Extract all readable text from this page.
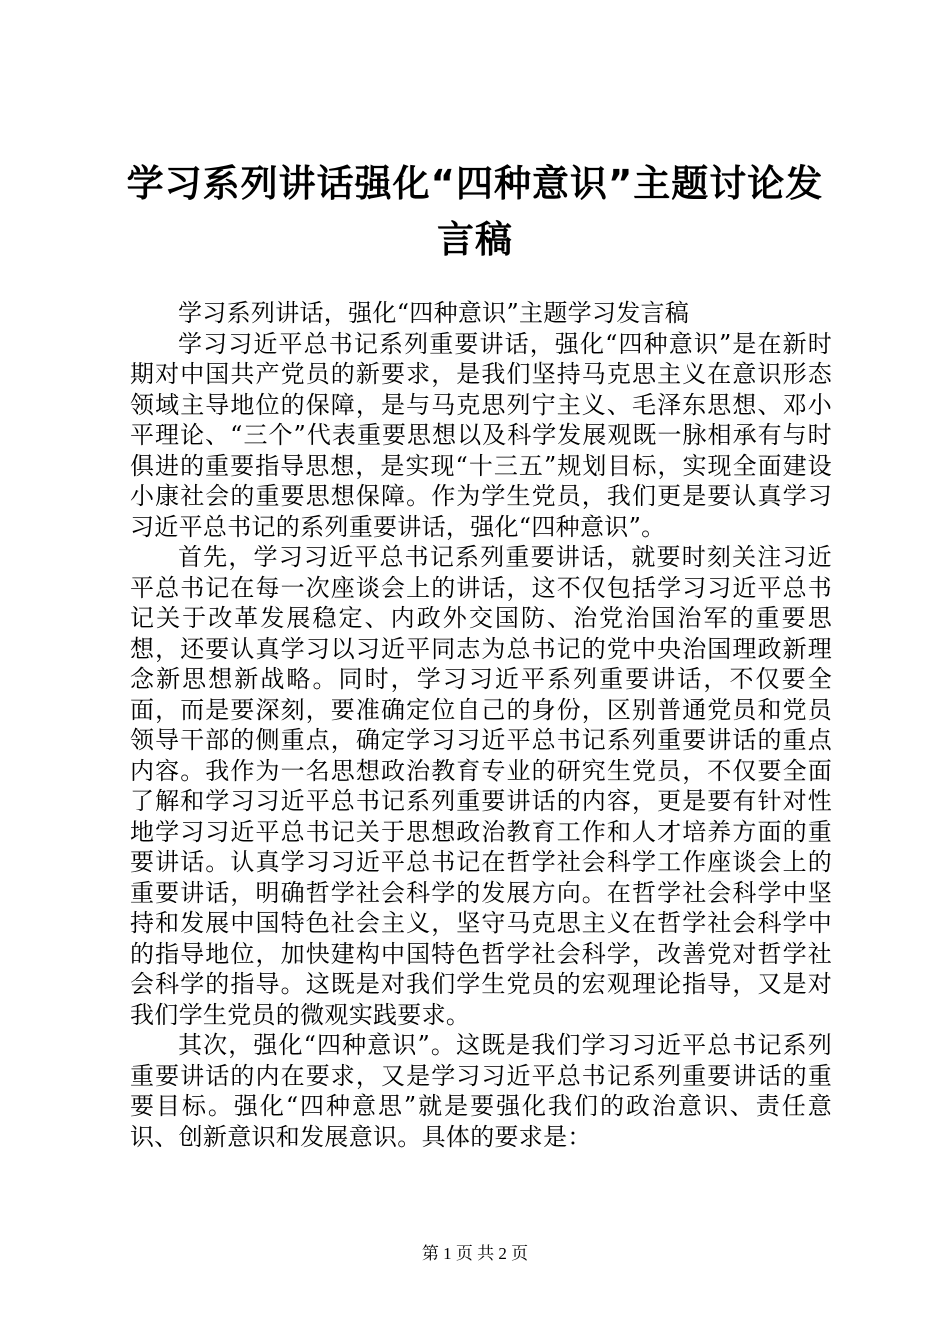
学习系列讲话强化“四种意识”主题讨论发言稿

学习系列讲话，强化“四种意识”主题学习发言稿

学习习近平总书记系列重要讲话，强化“四种意识”是在新时期对中国共产党员的新要求，是我们坚持马克思主义在意识形态领域主导地位的保障，是与马克思列宁主义、毛泽东思想、邓小平理论、“三个”代表重要思想以及科学发展观既一脉相承有与时俱进的重要指导思想，是实现“十三五”规划目标，实现全面建设小康社会的重要思想保障。作为学生党员，我们更是要认真学习习近平总书记的系列重要讲话，强化“四种意识”。

首先，学习习近平总书记系列重要讲话，就要时刻关注习近平总书记在每一次座谈会上的讲话，这不仅包括学习习近平总书记关于改革发展稳定、内政外交国防、治党治国治军的重要思想，还要认真学习以习近平同志为总书记的党中央治国理政新理念新思想新战略。同时，学习习近平系列重要讲话，不仅要全面，而是要深刻，要准确定位自己的身份，区别普通党员和党员领导干部的侧重点，确定学习习近平总书记系列重要讲话的重点内容。我作为一名思想政治教育专业的研究生党员，不仅要全面了解和学习习近平总书记系列重要讲话的内容，更是要有针对性地学习习近平总书记关于思想政治教育工作和人才培养方面的重要讲话。认真学习习近平总书记在哲学社会科学工作座谈会上的重要讲话，明确哲学社会科学的发展方向。在哲学社会科学中坚持和发展中国特色社会主义，坚守马克思主义在哲学社会科学中的指导地位，加快建构中国特色哲学社会科学，改善党对哲学社会科学的指导。这既是对我们学生党员的宏观理论指导，又是对我们学生党员的微观实践要求。

其次，强化“四种意识”。这既是我们学习习近平总书记系列重要讲话的内在要求，又是学习习近平总书记系列重要讲话的重要目标。强化“四种意思”就是要强化我们的政治意识、责任意识、创新意识和发展意识。具体的要求是：

第 1 页 共 2 页
